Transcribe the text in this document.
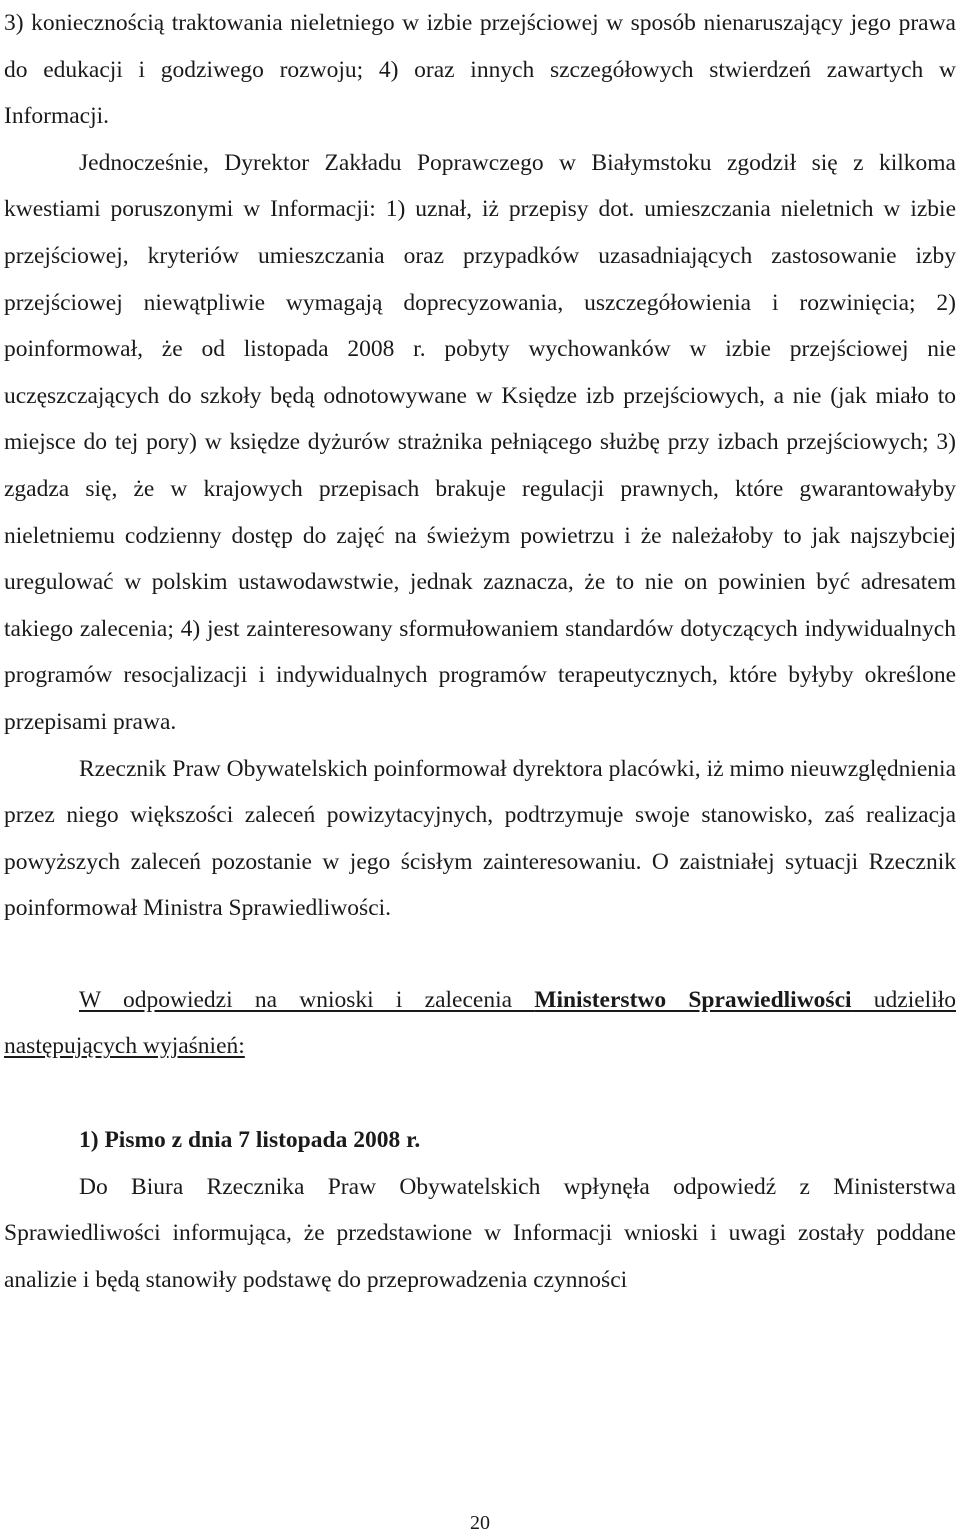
3) koniecznością traktowania nieletniego w izbie przejściowej w sposób nienaruszający jego prawa do edukacji i godziwego rozwoju; 4) oraz innych szczegółowych stwierdzeń zawartych w Informacji.

Jednocześnie, Dyrektor Zakładu Poprawczego w Białymstoku zgodził się z kilkoma kwestiami poruszonymi w Informacji: 1) uznał, iż przepisy dot. umieszczania nieletnich w izbie przejściowej, kryteriów umieszczania oraz przypadków uzasadniających zastosowanie izby przejściowej niewątpliwie wymagają doprecyzowania, uszczegółowienia i rozwinięcia; 2) poinformował, że od listopada 2008 r. pobyty wychowanków w izbie przejściowej nie uczęszczających do szkoły będą odnotowywane w Księdze izb przejściowych, a nie (jak miało to miejsce do tej pory) w księdze dyżurów strażnika pełniącego służbę przy izbach przejściowych; 3) zgadza się, że w krajowych przepisach brakuje regulacji prawnych, które gwarantowałyby nieletniemu codzienny dostęp do zajęć na świeżym powietrzu i że należałoby to jak najszybciej uregulować w polskim ustawodawstwie, jednak zaznacza, że to nie on powinien być adresatem takiego zalecenia; 4) jest zainteresowany sformułowaniem standardów dotyczących indywidualnych programów resocjalizacji i indywidualnych programów terapeutycznych, które byłyby określone przepisami prawa.

Rzecznik Praw Obywatelskich poinformował dyrektora placówki, iż mimo nieuwzględnienia przez niego większości zaleceń powizytacyjnych, podtrzymuje swoje stanowisko, zaś realizacja powyższych zaleceń pozostanie w jego ścisłym zainteresowaniu. O zaistniałej sytuacji Rzecznik poinformował Ministra Sprawiedliwości.

W odpowiedzi na wnioski i zalecenia Ministerstwo Sprawiedliwości udzieliło następujących wyjaśnień:

1) Pismo z dnia 7 listopada 2008 r.

Do Biura Rzecznika Praw Obywatelskich wpłynęła odpowiedź z Ministerstwa Sprawiedliwości informująca, że przedstawione w Informacji wnioski i uwagi zostały poddane analizie i będą stanowiły podstawę do przeprowadzenia czynności

20
